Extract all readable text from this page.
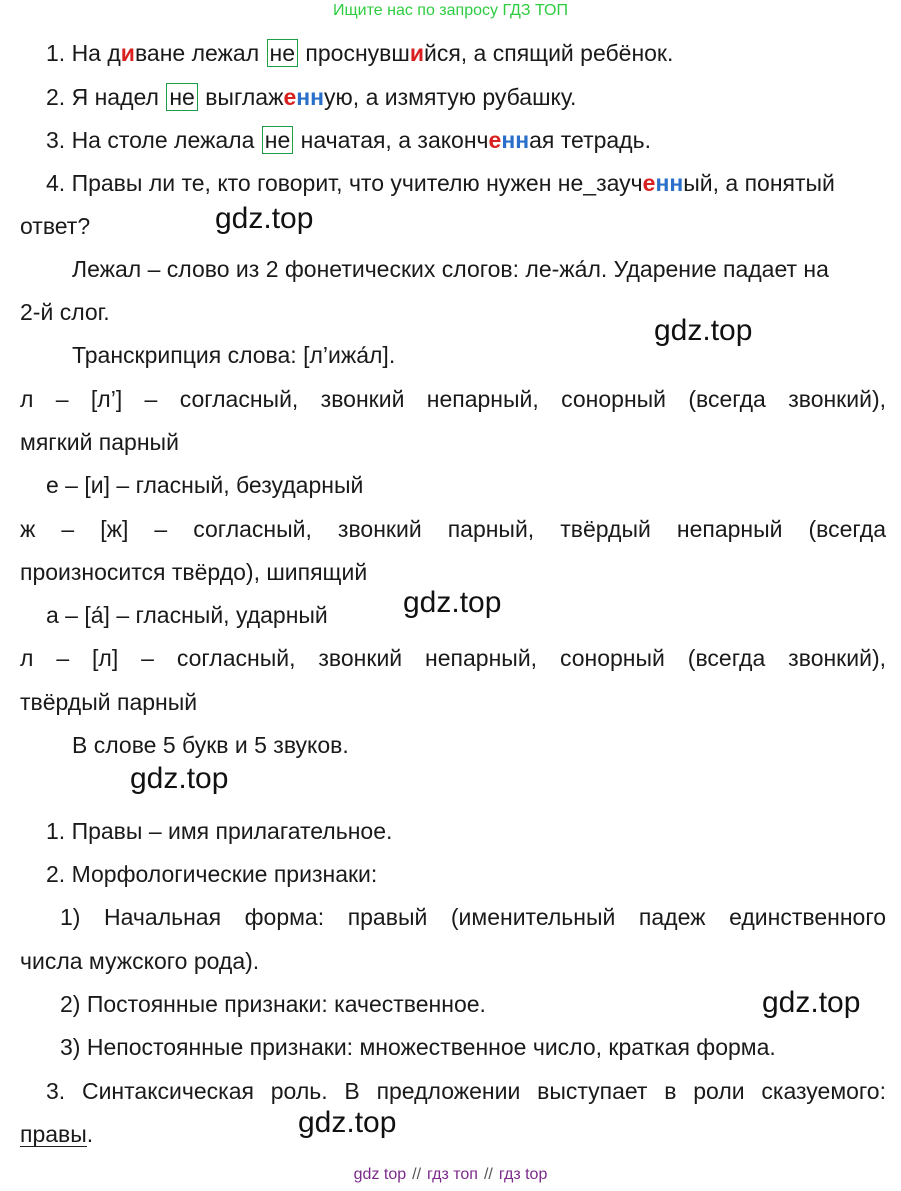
Ищите нас по запросу ГДЗ ТОП
1. На диване лежал не проснувшийся, а спящий ребёнок.
2. Я надел не выглаженную, а измятую рубашку.
3. На столе лежала не начатая, а законченная тетрадь.
4. Правы ли те, кто говорит, что учителю нужен не_заученный, а понятый
ответ?
Лежал – слово из 2 фонетических слогов: ле-жа́л. Ударение падает на
2-й слог.
Транскрипция слова: [л’ижа́л].
л – [л’] – согласный, звонкий непарный, сонорный (всегда звонкий),
мягкий парный
е – [и] – гласный, безударный
ж – [ж] – согласный, звонкий парный, твёрдый непарный (всегда
произносится твёрдо), шипящий
а – [а́] – гласный, ударный
л – [л] – согласный, звонкий непарный, сонорный (всегда звонкий),
твёрдый парный
В слове 5 букв и 5 звуков.
1. Правы – имя прилагательное.
2. Морфологические признаки:
1) Начальная форма: правый (именительный падеж единственного
числа мужского рода).
2) Постоянные признаки: качественное.
3) Непостоянные признаки: множественное число, краткая форма.
3. Синтаксическая роль. В предложении выступает в роли сказуемого:
правы.
gdz.top
gdz.top
gdz.top
gdz.top
gdz.top
gdz.top
gdz top // гдз топ // гдз top
